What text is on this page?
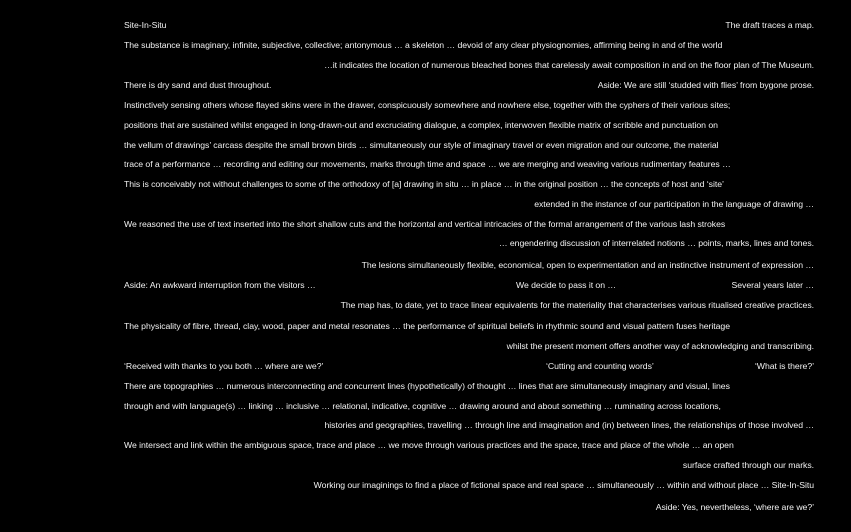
Site-In-Situ	The draft traces a map.
The substance is imaginary, infinite, subjective, collective; antonymous … a skeleton … devoid of any clear physiognomies, affirming being in and of the world
…it indicates the location of numerous bleached bones that carelessly await composition in and on the floor plan of The Museum.
There is dry sand and dust throughout.	Aside: We are still ‘studded with flies’ from bygone prose.
Instinctively sensing others whose flayed skins were in the drawer, conspicuously somewhere and nowhere else, together with the cyphers of their various sites;
positions that are sustained whilst engaged in long-drawn-out and excruciating dialogue, a complex, interwoven flexible matrix of scribble and punctuation on
the vellum of drawings’ carcass despite the small brown birds … simultaneously our style of imaginary travel or even migration and our outcome, the material
trace of a performance … recording and editing our movements, marks through time and space … we are merging and weaving various rudimentary features …
This is conceivably not without challenges to some of the orthodoxy of [a] drawing in situ … in place … in the original position … the concepts of host and ‘site’
extended in the instance of our participation in the language of drawing …
We reasoned the use of text inserted into the short shallow cuts and the horizontal and vertical intricacies of the formal arrangement of the various lash strokes
… engendering discussion of interrelated notions … points, marks, lines and tones.
The lesions simultaneously flexible, economical, open to experimentation and an instinctive instrument of expression …
Aside: An awkward interruption from the visitors …	We decide to pass it on …	Several years later …
The map has, to date, yet to trace linear equivalents for the materiality that characterises various ritualised creative practices.
The physicality of fibre, thread, clay, wood, paper and metal resonates … the performance of spiritual beliefs in rhythmic sound and visual pattern fuses heritage
whilst the present moment offers another way of acknowledging and transcribing.
‘Received with thanks to you both … where are we?’	‘Cutting and counting words’	‘What is there?’
There are topographies … numerous interconnecting and concurrent lines (hypothetically) of thought … lines that are simultaneously imaginary and visual, lines
through and with language(s) … linking … inclusive … relational, indicative, cognitive … drawing around and about something … ruminating across locations,
histories and geographies, travelling … through line and imagination and (in) between lines, the relationships of those involved …
We intersect and link within the ambiguous space, trace and place … we move through various practices and the space, trace and place of the whole … an open
surface crafted through our marks.
Working our imaginings to find a place of fictional space and real space … simultaneously … within and without place … Site-In-Situ
Aside: Yes, nevertheless, ‘where are we?’
